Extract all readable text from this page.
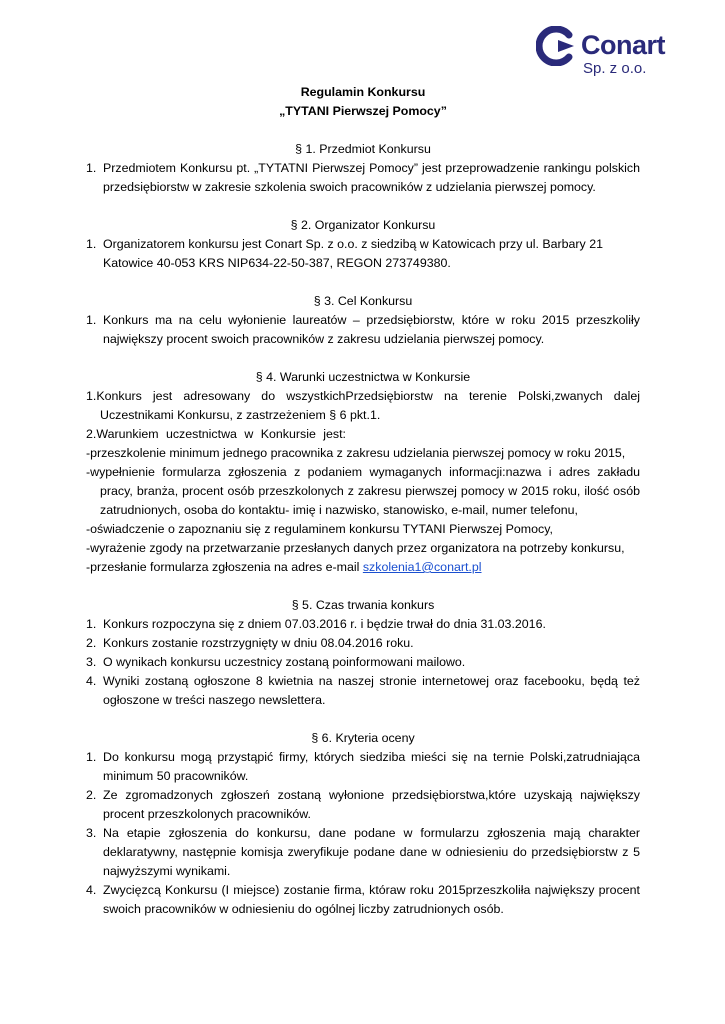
Conart
Sp. z o.o.

Regulamin Konkursu

„TYTANI Pierwszej Pomocy”

§ 1. Przedmiot Konkursu

1. Przedmiotem Konkursu pt. „TYTATNI Pierwszej Pomocy” jest przeprowadzenie rankingu polskich przedsiębiorstw w zakresie szkolenia swoich pracowników z udzielania pierwszej pomocy.

§ 2. Organizator Konkursu

1. Organizatorem konkursu jest Conart Sp. z o.o. z siedzibą w Katowicach przy ul. Barbary 21 Katowice 40-053 KRS NIP634-22-50-387, REGON 273749380.

§ 3. Cel Konkursu

1. Konkurs ma na celu wyłonienie laureatów – przedsiębiorstw, które w roku 2015 przeszkoliły największy procent swoich pracowników z zakresu udzielania pierwszej pomocy.

§ 4. Warunki uczestnictwa w Konkursie

1.Konkurs jest adresowany do wszystkichPrzedsiębiorstw na terenie Polski,zwanych dalej Uczestnikami Konkursu, z zastrzeżeniem § 6 pkt.1.

2.Warunkiem uczestnictwa w Konkursie jest:

-przeszkolenie minimum jednego pracownika z zakresu udzielania pierwszej pomocy w roku 2015,

-wypełnienie formularza zgłoszenia z podaniem wymaganych informacji:nazwa i adres zakładu pracy, branża, procent osób przeszkolonych z zakresu pierwszej pomocy w 2015 roku, ilość osób zatrudnionych, osoba do kontaktu- imię i nazwisko, stanowisko, e-mail, numer telefonu,

-oświadczenie o zapoznaniu się z regulaminem konkursu TYTANI Pierwszej Pomocy,

-wyrażenie zgody na przetwarzanie przesłanych danych przez organizatora na potrzeby konkursu,

-przesłanie formularza zgłoszenia na adres e-mail szkolenia1@conart.pl

§ 5. Czas trwania konkurs

1. Konkurs rozpoczyna się z dniem 07.03.2016 r. i będzie trwał do dnia 31.03.2016.

2. Konkurs zostanie rozstrzygnięty w dniu 08.04.2016 roku.

3. O wynikach konkursu uczestnicy zostaną poinformowani mailowo.

4. Wyniki zostaną ogłoszone 8 kwietnia na naszej stronie internetowej oraz facebooku, będą też ogłoszone w treści naszego newslettera.

§ 6. Kryteria oceny

1. Do konkursu mogą przystąpić firmy, których siedziba mieści się na ternie Polski,zatrudniająca minimum 50 pracowników.

2. Ze zgromadzonych zgłoszeń zostaną wyłonione przedsiębiorstwa,które uzyskają największy procent przeszkolonych pracowników.

3. Na etapie zgłoszenia do konkursu, dane podane w formularzu zgłoszenia mają charakter deklaratywny, następnie komisja zweryfikuje podane dane w odniesieniu do przedsiębiorstw z 5 najwyższymi wynikami.

4. Zwycięzcą Konkursu (I miejsce) zostanie firma, któraw roku 2015przeszkoliła największy procent swoich pracowników w odniesieniu do ogólnej liczby zatrudnionych osób.
